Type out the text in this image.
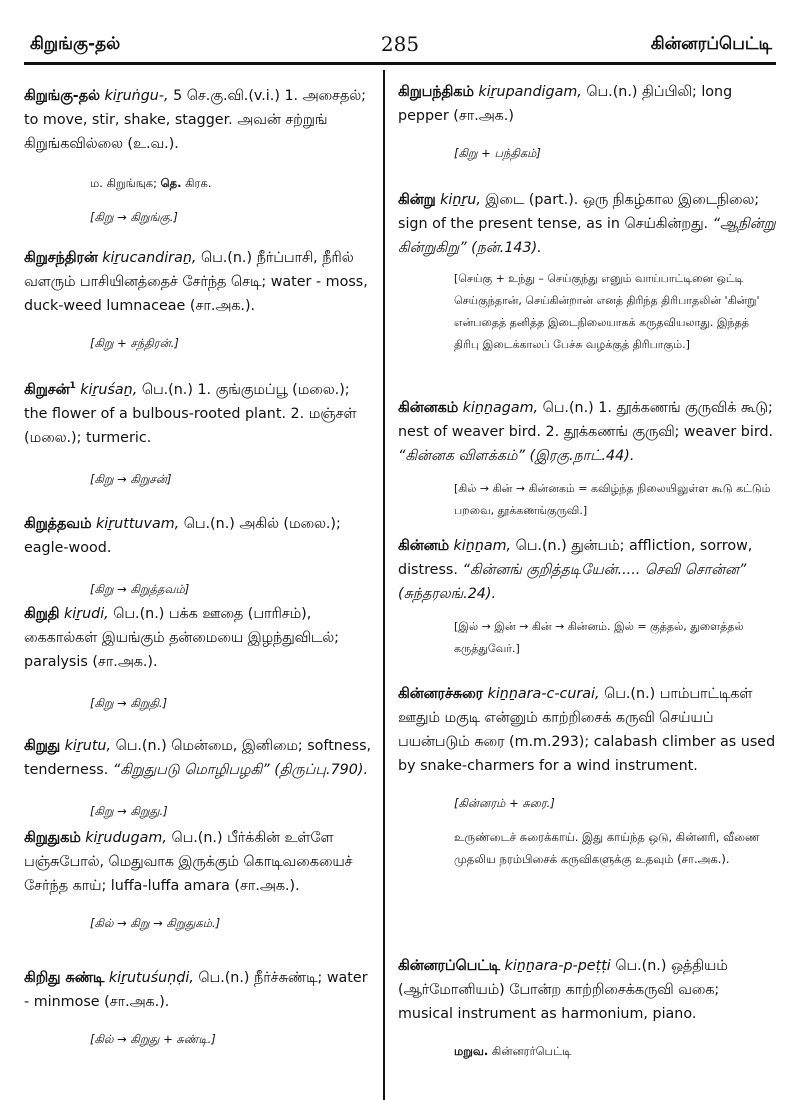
கிறுங்கு-தல்	285	கின்னரப்பெட்டி

கிறுங்கு-தல் kiṟuṅgu-, 5 செ.கு.வி.(v.i.) 1. அசைதல்; to move, stir, shake, stagger. அவன் சற்றுங் கிறுங்கவில்லை (உ.வ.).

ம. கிறுங்ஙுக; தெ. கிரக.

[கிறு → கிறுங்கு.]

கிறுசந்திரன் kiṟucandiraṉ, பெ.(n.) நீர்ப்பாசி, நீரில் வளரும் பாசியினத்தைச் சேர்ந்த செடி; water - moss, duck-weed lumnaceae (சா.அக.).

[கிறு + சந்திரன்.]

கிறுசன்$^1$ kiṟuśaṉ, பெ.(n.) 1. குங்குமப்பூ (மலை.); the flower of a bulbous-rooted plant. 2. மஞ்சள் (மலை.); turmeric.

[கிறு → கிறுசன்]

கிறுத்தவம் kiṟuttuvam, பெ.(n.) அகில் (மலை.); eagle-wood.

[கிறு → கிறுத்தவம்]

கிறுதி kiṟudi, பெ.(n.) பக்க ஊதை (பாரிசம்), கைகால்கள் இயங்கும் தன்மையை இழந்துவிடல்; paralysis (சா.அக.).

[கிறு → கிறுதி.]

கிறுது kiṟutu, பெ.(n.) மென்மை, இனிமை; softness, tenderness. “கிறுதுபடு மொழிபழகி” (திருப்பு.790).

[கிறு → கிறுது.]

கிறுதுகம் kiṟudugam, பெ.(n.) பீர்க்கின் உள்ளே பஞ்சுபோல், மெதுவாக இருக்கும் கொடிவகையைச் சேர்ந்த காய்; luffa-luffa amara (சா.அக.).

[கில் → கிறு → கிறுதுகம்.]

கிறிது சுண்டி kiṟutuśuṇḍi, பெ.(n.) நீர்ச்சுண்டி; water - minmose (சா.அக.).

[கில் → கிறுது + சுண்டி.]

கிறுபந்திகம் kiṟupandigam, பெ.(n.) திப்பிலி; long pepper (சா.அக.)

[கிறு + பந்திகம்]

கின்று kiṉṟu, இடை (part.). ஒரு நிகழ்கால இடைநிலை; sign of the present tense, as in செய்கின்றது. “ஆநின்று கின்றுகிறு” (நன்.143).

[செய்கு + உந்து – செய்குந்து எனும் வாய்பாட்டினை ஒட்டி செய்குந்தான், செய்கின்றான் எனத் திரிந்த திரிபாதலின் 'கின்று' என்பதைத் தனித்த இடைநிலையாகக் கருதவியலாது. இந்தத் திரிபு இடைக்காலப் பேச்சு வழக்குத் திரிபாகும்.]

கின்னகம் kiṉṉagam, பெ.(n.) 1. தூக்கணங் குருவிக் கூடு; nest of weaver bird. 2. தூக்கணங் குருவி; weaver bird. “கின்னக விளக்கம்” (இரகு.நாட்.44).

[கில் → கின் → கின்னகம் = கவிழ்ந்த நிலையிலுள்ள கூடு கட்டும் பறவை, தூக்கணங்குருவி.]

கின்னம் kiṉṉam, பெ.(n.) துன்பம்; affliction, sorrow, distress. “கின்னங் குறித்தடியேன்..... செவி சொன்ன” (சுந்தரலங்.24).

[இல் → இன் → கின் → கின்னம். இல் = குத்தல், துளைத்தல் கருத்துவேர்.]

கின்னரச்சுரை kiṉṉara-c-curai, பெ.(n.) பாம்பாட்டிகள் ஊதும் மகுடி என்னும் காற்றிசைக் கருவி செய்யப் பயன்படும் சுரை (m.m.293); calabash climber as used by snake-charmers for a wind instrument.

[கின்னரம் + சுரை.]

உருண்டைச் சுரைக்காய். இது காய்ந்த ஒடு, கின்னரி, வீணை முதலிய நரம்பிசைக் கருவிகளுக்கு உதவும் (சா.அக.).

கின்னரப்பெட்டி kiṉṉara-p-peṭṭi பெ.(n.) ஒத்தியம் (ஆர்மோனியம்) போன்ற காற்றிசைக்கருவி வகை; musical instrument as harmonium, piano.

மறுவ. கின்னரர்பெட்டி
